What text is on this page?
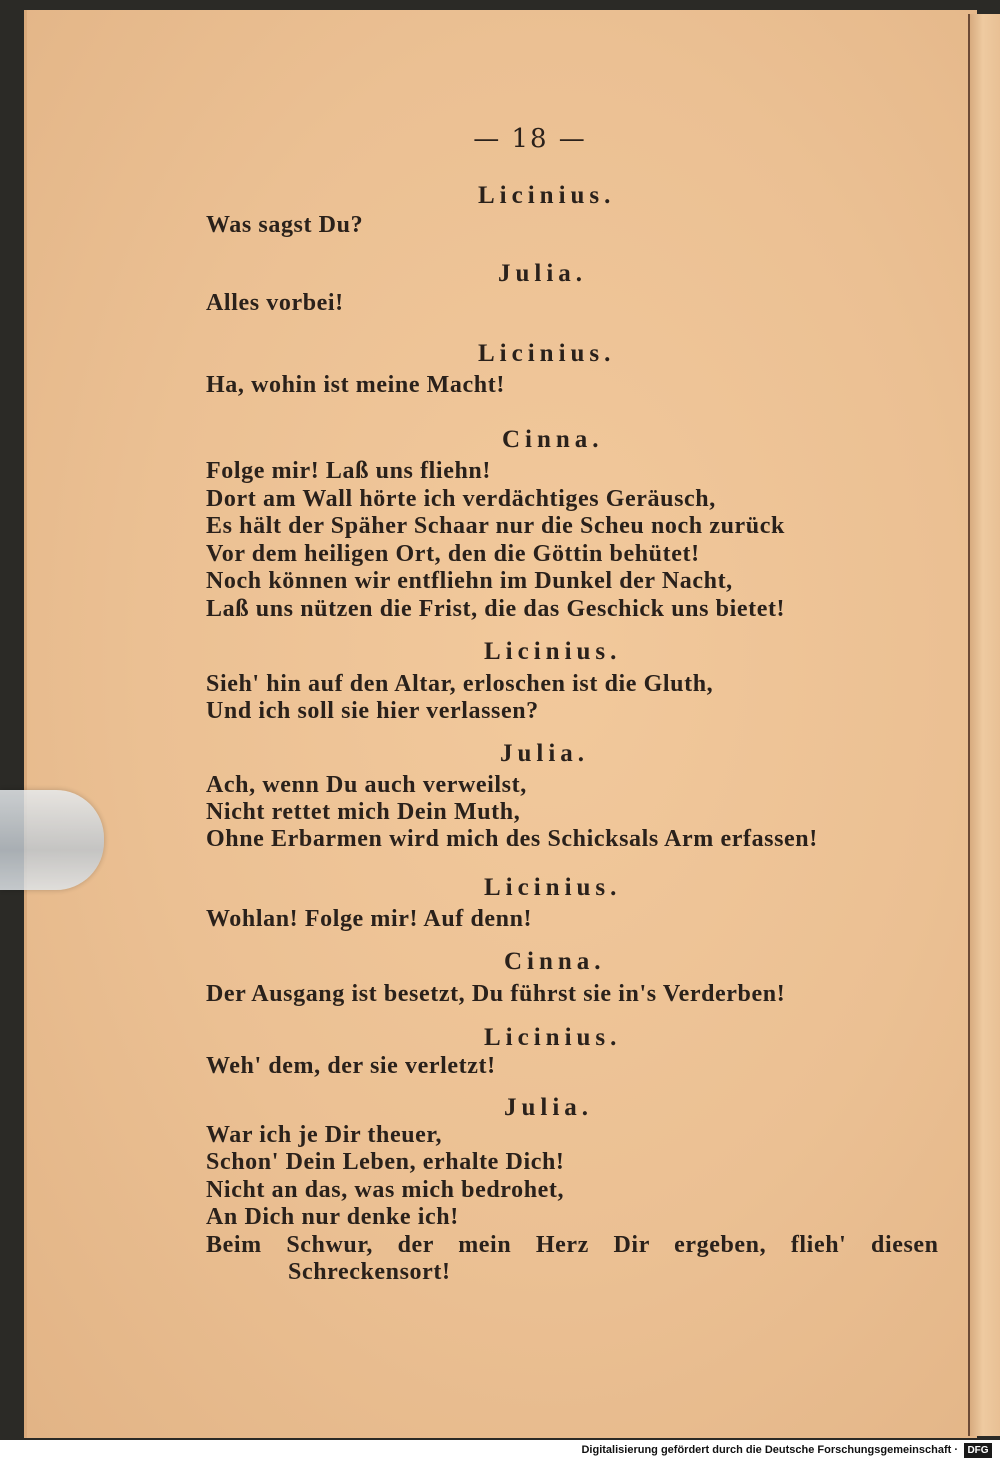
— 18 —
Licinius.
Was sagst Du?
Julia.
Alles vorbei!
Licinius.
Ha, wohin ist meine Macht!
Cinna.
Folge mir! Laß uns fliehn!
Dort am Wall hörte ich verdächtiges Geräusch,
Es hält der Späher Schaar nur die Scheu noch zurück
Vor dem heiligen Ort, den die Göttin behütet!
Noch können wir entfliehn im Dunkel der Nacht,
Laß uns nützen die Frist, die das Geschick uns bietet!
Licinius.
Sieh' hin auf den Altar, erloschen ist die Gluth,
Und ich soll sie hier verlassen?
Julia.
Ach, wenn Du auch verweilst,
Nicht rettet mich Dein Muth,
Ohne Erbarmen wird mich des Schicksals Arm erfassen!
Licinius.
Wohlan! Folge mir! Auf denn!
Cinna.
Der Ausgang ist besetzt, Du führst sie in's Verderben!
Licinius.
Weh' dem, der sie verletzt!
Julia.
War ich je Dir theuer,
Schon' Dein Leben, erhalte Dich!
Nicht an das, was mich bedrohet,
An Dich nur denke ich!
Beim Schwur, der mein Herz Dir ergeben, flieh' diesen
Schreckensort!
Digitalisierung gefördert durch die Deutsche Forschungsgemeinschaft · DFG
